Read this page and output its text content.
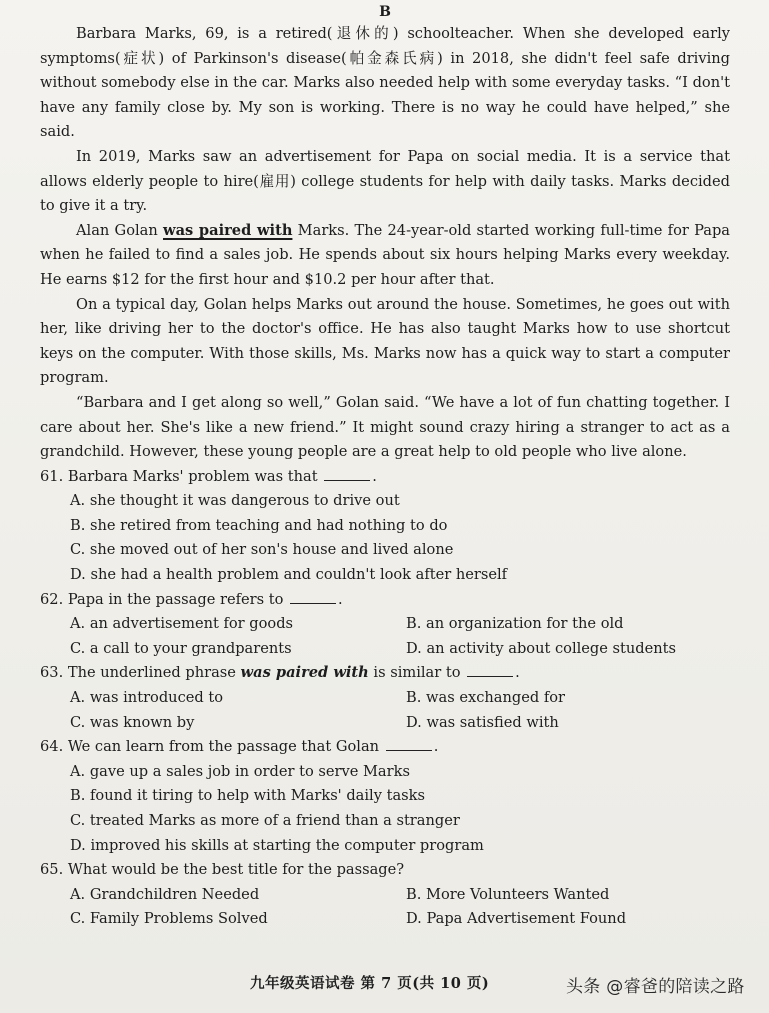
B

Barbara Marks, 69, is a retired(退休的) schoolteacher. When she developed early symptoms(症状) of Parkinson's disease(帕金森氏病) in 2018, she didn't feel safe driving without somebody else in the car. Marks also needed help with some everyday tasks. “I don't have any family close by. My son is working. There is no way he could have helped,” she said.

In 2019, Marks saw an advertisement for Papa on social media. It is a service that allows elderly people to hire(雇用) college students for help with daily tasks. Marks decided to give it a try.

Alan Golan was paired with Marks. The 24-year-old started working full-time for Papa when he failed to find a sales job. He spends about six hours helping Marks every weekday. He earns $12 for the first hour and $10.2 per hour after that.

On a typical day, Golan helps Marks out around the house. Sometimes, he goes out with her, like driving her to the doctor's office. He has also taught Marks how to use shortcut keys on the computer. With those skills, Ms. Marks now has a quick way to start a computer program.

“Barbara and I get along so well,” Golan said. “We have a lot of fun chatting together. I care about her. She's like a new friend.” It might sound crazy hiring a stranger to act as a grandchild. However, these young people are a great help to old people who live alone.

61. Barbara Marks' problem was that	.

A. she thought it was dangerous to drive out

B. she retired from teaching and had nothing to do

C. she moved out of her son's house and lived alone

D. she had a health problem and couldn't look after herself

62. Papa in the passage refers to	.

A. an advertisement for goods	B. an organization for the old

C. a call to your grandparents	D. an activity about college students

63. The underlined phrase was paired with is similar to	.

A. was introduced to	B. was exchanged for

C. was known by	D. was satisfied with

64. We can learn from the passage that Golan	.

A. gave up a sales job in order to serve Marks

B. found it tiring to help with Marks' daily tasks

C. treated Marks as more of a friend than a stranger

D. improved his skills at starting the computer program

65. What would be the best title for the passage?

A. Grandchildren Needed	B. More Volunteers Wanted

C. Family Problems Solved	D. Papa Advertisement Found

九年级英语试卷 第 7 页(共 10 页)	头条 @睿爸的陪读之路
